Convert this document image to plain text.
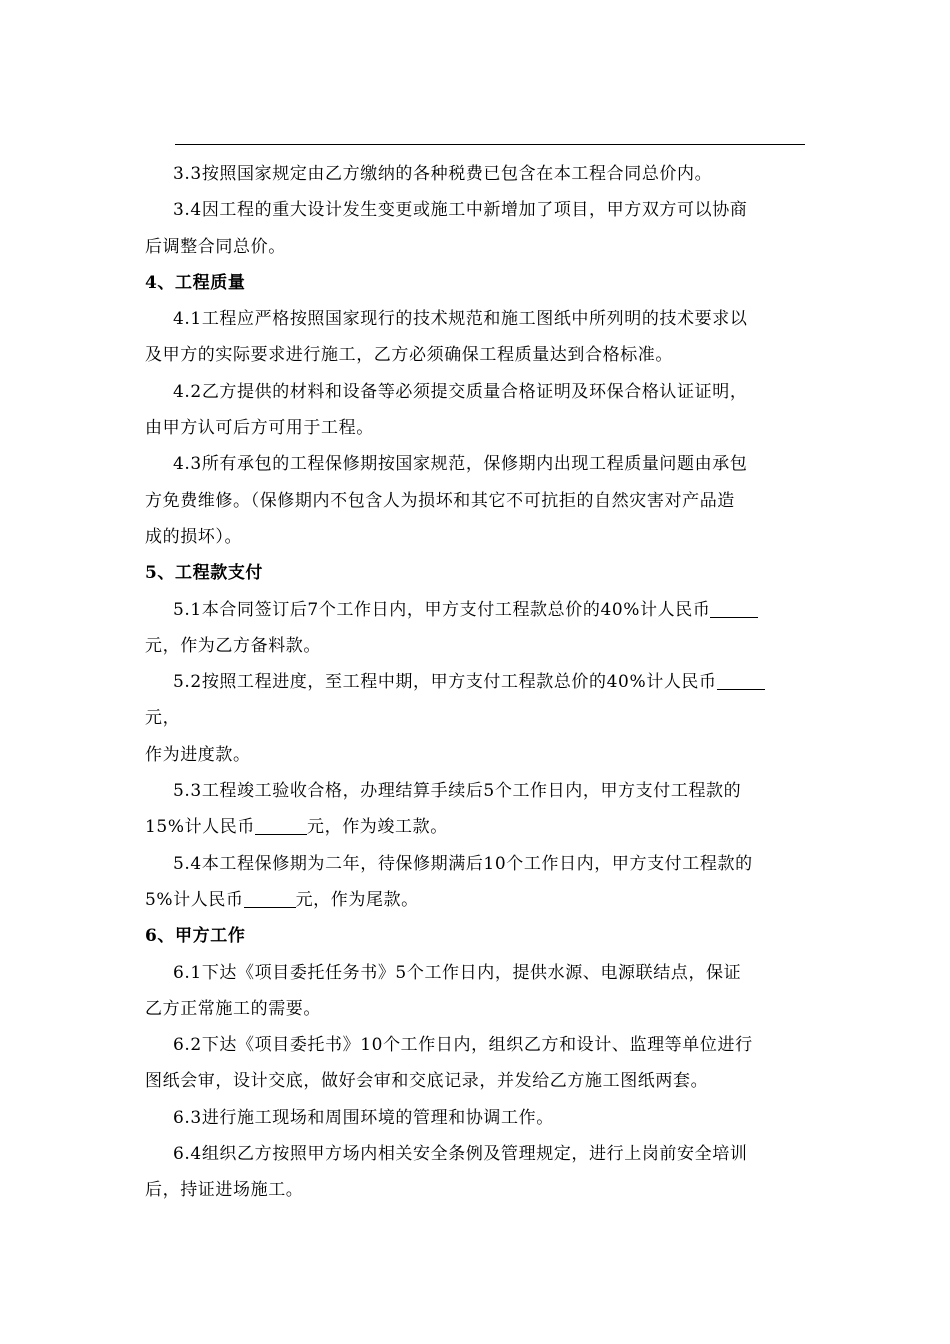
3.3按照国家规定由乙方缴纳的各种税费已包含在本工程合同总价内。
3.4因工程的重大设计发生变更或施工中新增加了项目，甲方双方可以协商
后调整合同总价。
4、工程质量
4.1工程应严格按照国家现行的技术规范和施工图纸中所列明的技术要求以
及甲方的实际要求进行施工，乙方必须确保工程质量达到合格标准。
4.2乙方提供的材料和设备等必须提交质量合格证明及环保合格认证证明，
由甲方认可后方可用于工程。
4.3所有承包的工程保修期按国家规范，保修期内出现工程质量问题由承包
方免费维修。（保修期内不包含人为损坏和其它不可抗拒的自然灾害对产品造
成的损坏）。
5、工程款支付
5.1本合同签订后7个工作日内，甲方支付工程款总价的40%计人民币
元，作为乙方备料款。
5.2按照工程进度，至工程中期，甲方支付工程款总价的40%计人民币
元，
作为进度款。
5.3工程竣工验收合格，办理结算手续后5个工作日内，甲方支付工程款的
15%计人民币	元，作为竣工款。
5.4本工程保修期为二年，待保修期满后10个工作日内，甲方支付工程款的
5%计人民币	元，作为尾款。
6、甲方工作
6.1下达《项目委托任务书》5个工作日内，提供水源、电源联结点，保证
乙方正常施工的需要。
6.2下达《项目委托书》10个工作日内，组织乙方和设计、监理等单位进行
图纸会审，设计交底，做好会审和交底记录，并发给乙方施工图纸两套。
6.3进行施工现场和周围环境的管理和协调工作。
6.4组织乙方按照甲方场内相关安全条例及管理规定，进行上岗前安全培训
后，持证进场施工。
